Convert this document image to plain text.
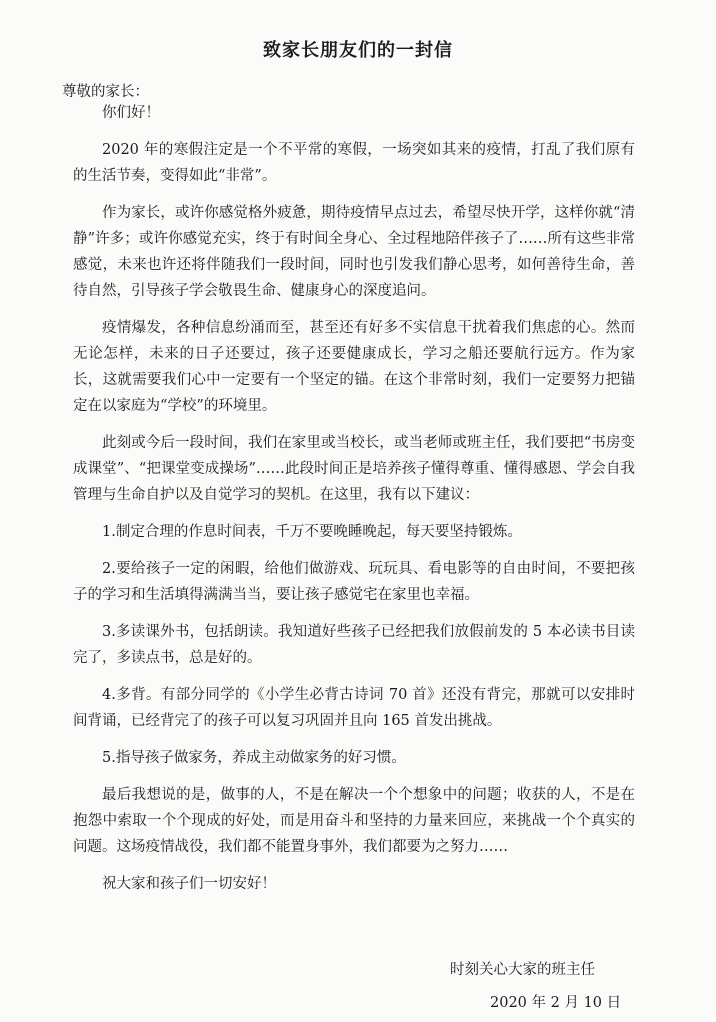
致家长朋友们的一封信
尊敬的家长：

你们好！

2020 年的寒假注定是一个不平常的寒假，一场突如其来的疫情，打乱了我们原有的生活节奏，变得如此“非常”。

作为家长，或许你感觉格外疲惫，期待疫情早点过去，希望尽快开学，这样你就“清静”许多；或许你感觉充实，终于有时间全身心、全过程地陪伴孩子了……所有这些非常感觉，未来也许还将伴随我们一段时间，同时也引发我们静心思考，如何善待生命，善待自然，引导孩子学会敬畏生命、健康身心的深度追问。

疫情爆发，各种信息纷涌而至，甚至还有好多不实信息干扰着我们焦虑的心。然而无论怎样，未来的日子还要过，孩子还要健康成长，学习之船还要航行远方。作为家长，这就需要我们心中一定要有一个坚定的锚。在这个非常时刻，我们一定要努力把锚定在以家庭为“学校”的环境里。

此刻或今后一段时间，我们在家里或当校长，或当老师或班主任，我们要把“书房变成课堂”、“把课堂变成操场”……此段时间正是培养孩子懂得尊重、懂得感恩、学会自我管理与生命自护以及自觉学习的契机。在这里，我有以下建议：

1.制定合理的作息时间表，千万不要晚睡晚起，每天要坚持锻炼。

2.要给孩子一定的闲暇，给他们做游戏、玩玩具、看电影等的自由时间，不要把孩子的学习和生活填得满满当当，要让孩子感觉宅在家里也幸福。

3.多读课外书，包括朗读。我知道好些孩子已经把我们放假前发的 5 本必读书目读完了，多读点书，总是好的。

4.多背。有部分同学的《小学生必背古诗词 70 首》还没有背完，那就可以安排时间背诵，已经背完了的孩子可以复习巩固并且向 165 首发出挑战。

5.指导孩子做家务，养成主动做家务的好习惯。

最后我想说的是，做事的人，不是在解决一个个想象中的问题；收获的人，不是在抱怨中索取一个个现成的好处，而是用奋斗和坚持的力量来回应，来挑战一个个真实的问题。这场疫情战役，我们都不能置身事外，我们都要为之努力……

祝大家和孩子们一切安好！

时刻关心大家的班主任
2020 年 2 月 10 日
